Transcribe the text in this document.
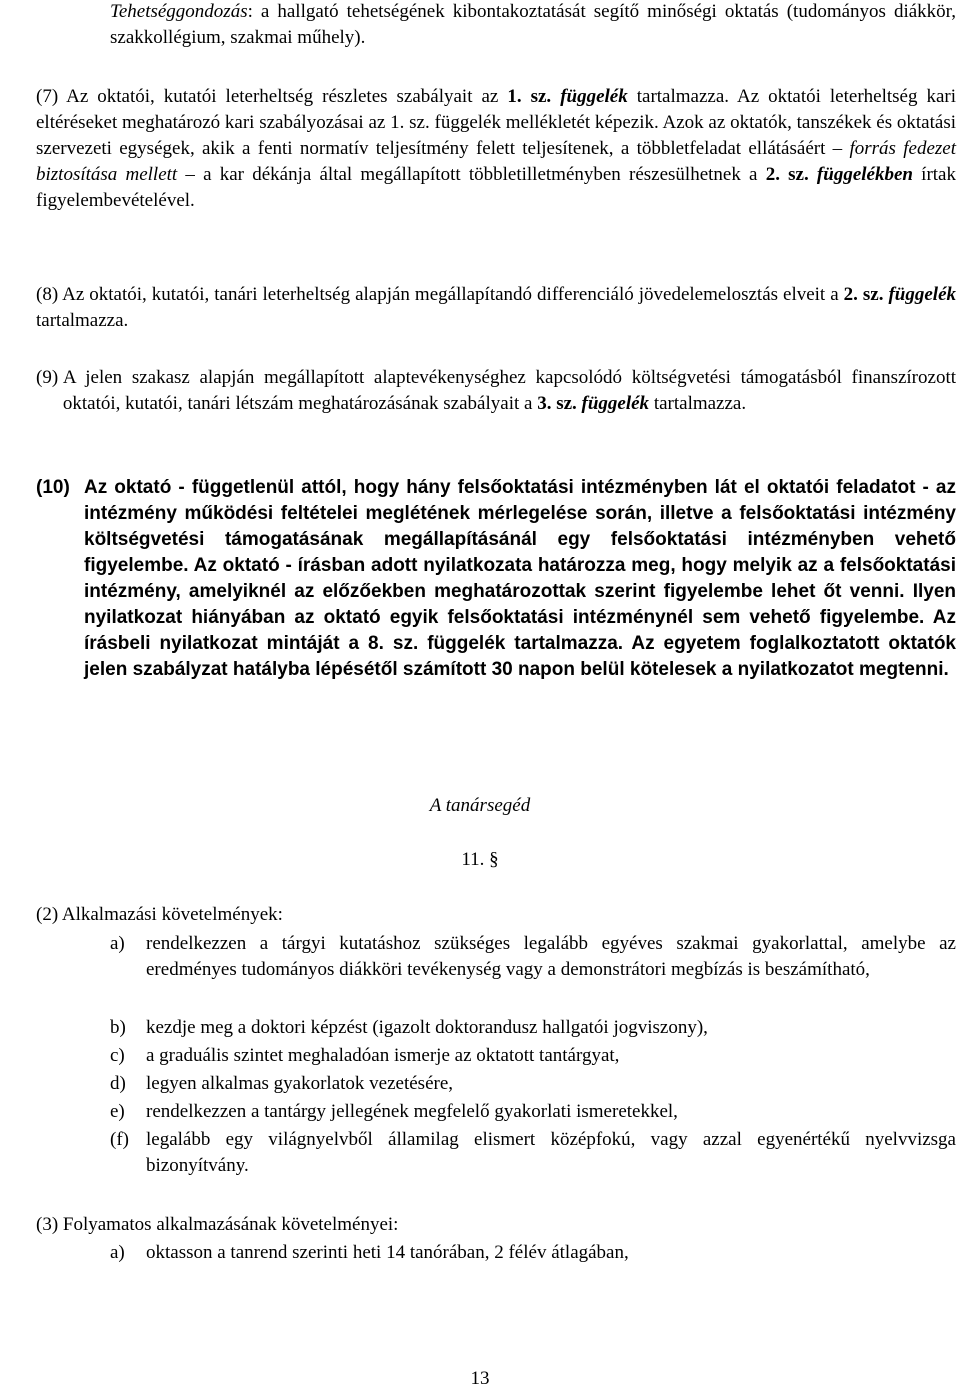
Tehetséggondozás: a hallgató tehetségének kibontakoztatását segítő minőségi oktatás (tudományos diákkör, szakkollégium, szakmai műhely).

(7) Az oktatói, kutatói leterheltség részletes szabályait az 1. sz. függelék tartalmazza. Az oktatói leterheltség kari eltéréseket meghatározó kari szabályozásai az 1. sz. függelék mellékletét képezik. Azok az oktatók, tanszékek és oktatási szervezeti egységek, akik a fenti normatív teljesítmény felett teljesítenek, a többletfeladat ellátásáért – forrás fedezet biztosítása mellett – a kar dékánja által megállapított többletilletményben részesülhetnek a 2. sz. függelékben írtak figyelembevételével.

(8) Az oktatói, kutatói, tanári leterheltség alapján megállapítandó differenciáló jövedelemelosztás elveit a 2. sz. függelék tartalmazza.

(9) A jelen szakasz alapján megállapított alaptevékenységhez kapcsolódó költségvetési támogatásból finanszírozott oktatói, kutatói, tanári létszám meghatározásának szabályait a 3. sz. függelék tartalmazza.
(10) Az oktató - függetlenül attól, hogy hány felsőoktatási intézményben lát el oktatói feladatot - az intézmény működési feltételei meglétének mérlegelése során, illetve a felsőoktatási intézmény költségvetési támogatásának megállapításánál egy felsőoktatási intézményben vehető figyelembe. Az oktató - írásban adott nyilatkozata határozza meg, hogy melyik az a felsőoktatási intézmény, amelyiknél az előzőekben meghatározottak szerint figyelembe lehet őt venni. Ilyen nyilatkozat hiányában az oktató egyik felsőoktatási intézménynél sem vehető figyelembe. Az írásbeli nyilatkozat mintáját a 8. sz. függelék tartalmazza. Az egyetem foglalkoztatott oktatók jelen szabályzat hatályba lépésétől számított 30 napon belül kötelesek a nyilatkozatot megtenni.
A tanársegéd
11. §
(2) Alkalmazási követelmények:
a)	rendelkezzen a tárgyi kutatáshoz szükséges legalább egyéves szakmai gyakorlattal, amelybe az eredményes tudományos diákköri tevékenység vagy a demonstrátori megbízás is beszámítható,
b)	kezdje meg a doktori képzést (igazolt doktorandusz hallgatói jogviszony),
c)	a graduális szintet meghaladóan ismerje az oktatott tantárgyat,
d)	legyen alkalmas gyakorlatok vezetésére,
e)	rendelkezzen a tantárgy jellegének megfelelő gyakorlati ismeretekkel,
(f) legalább egy világnyelvből államilag elismert középfokú, vagy azzal egyenértékű nyelvvizsga bizonyítvány.
(3) Folyamatos alkalmazásának követelményei:
a)	oktasson a tanrend szerinti heti 14 tanórában, 2 félév átlagában,
13
